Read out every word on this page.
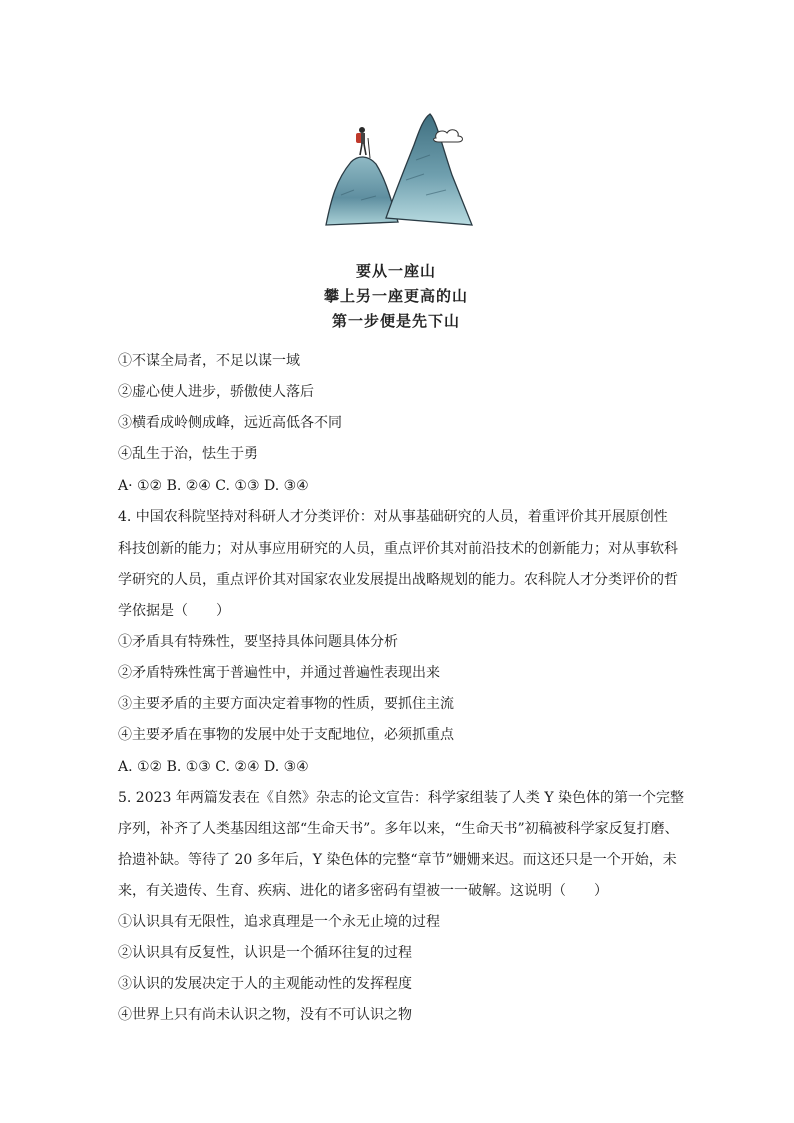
要从一座山
攀上另一座更高的山
第一步便是先下山
①不谋全局者，不足以谋一域
②虚心使人进步，骄傲使人落后
③横看成岭侧成峰，远近高低各不同
④乱生于治，怯生于勇
A· ①② B. ②④ C. ①③ D. ③④
4. 中国农科院坚持对科研人才分类评价：对从事基础研究的人员，着重评价其开展原创性
科技创新的能力；对从事应用研究的人员，重点评价其对前沿技术的创新能力；对从事软科
学研究的人员，重点评价其对国家农业发展提出战略规划的能力。农科院人才分类评价的哲
学依据是（　　）
①矛盾具有特殊性，要坚持具体问题具体分析
②矛盾特殊性寓于普遍性中，并通过普遍性表现出来
③主要矛盾的主要方面决定着事物的性质，要抓住主流
④主要矛盾在事物的发展中处于支配地位，必须抓重点
A. ①② B. ①③ C. ②④ D. ③④
5. 2023 年两篇发表在《自然》杂志的论文宣告：科学家组装了人类 Y 染色体的第一个完整
序列，补齐了人类基因组这部“生命天书”。多年以来，“生命天书”初稿被科学家反复打磨、
拾遗补缺。等待了 20 多年后，Y 染色体的完整“章节”姗姗来迟。而这还只是一个开始，未
来，有关遗传、生育、疾病、进化的诸多密码有望被一一破解。这说明（　　）
①认识具有无限性，追求真理是一个永无止境的过程
②认识具有反复性，认识是一个循环往复的过程
③认识的发展决定于人的主观能动性的发挥程度
④世界上只有尚未认识之物，没有不可认识之物
